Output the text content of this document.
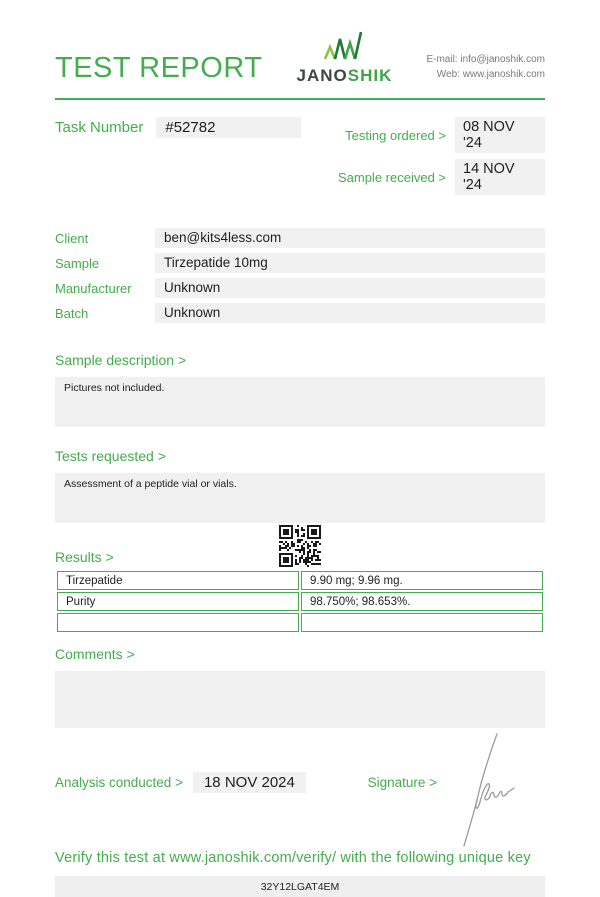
TEST REPORT JANOSHIK
E-mail: info@janoshik.com
Web: www.janoshik.com
Task Number	#52782	Testing ordered >	08 NOV '24
Sample received >	14 NOV '24
Client	ben@kits4less.com
Sample	Tirzepatide 10mg
Manufacturer	Unknown
Batch	Unknown
Sample description >
Pictures not included.
Tests requested >
Assessment of a peptide vial or vials.
Results >
Tirzepatide	9.90 mg; 9.96 mg.
Purity	98.750%; 98.653%.

Comments >
Analysis conducted >	18 NOV 2024	Signature >
Verify this test at www.janoshik.com/verify/ with the following unique key
32Y12LGAT4EM
